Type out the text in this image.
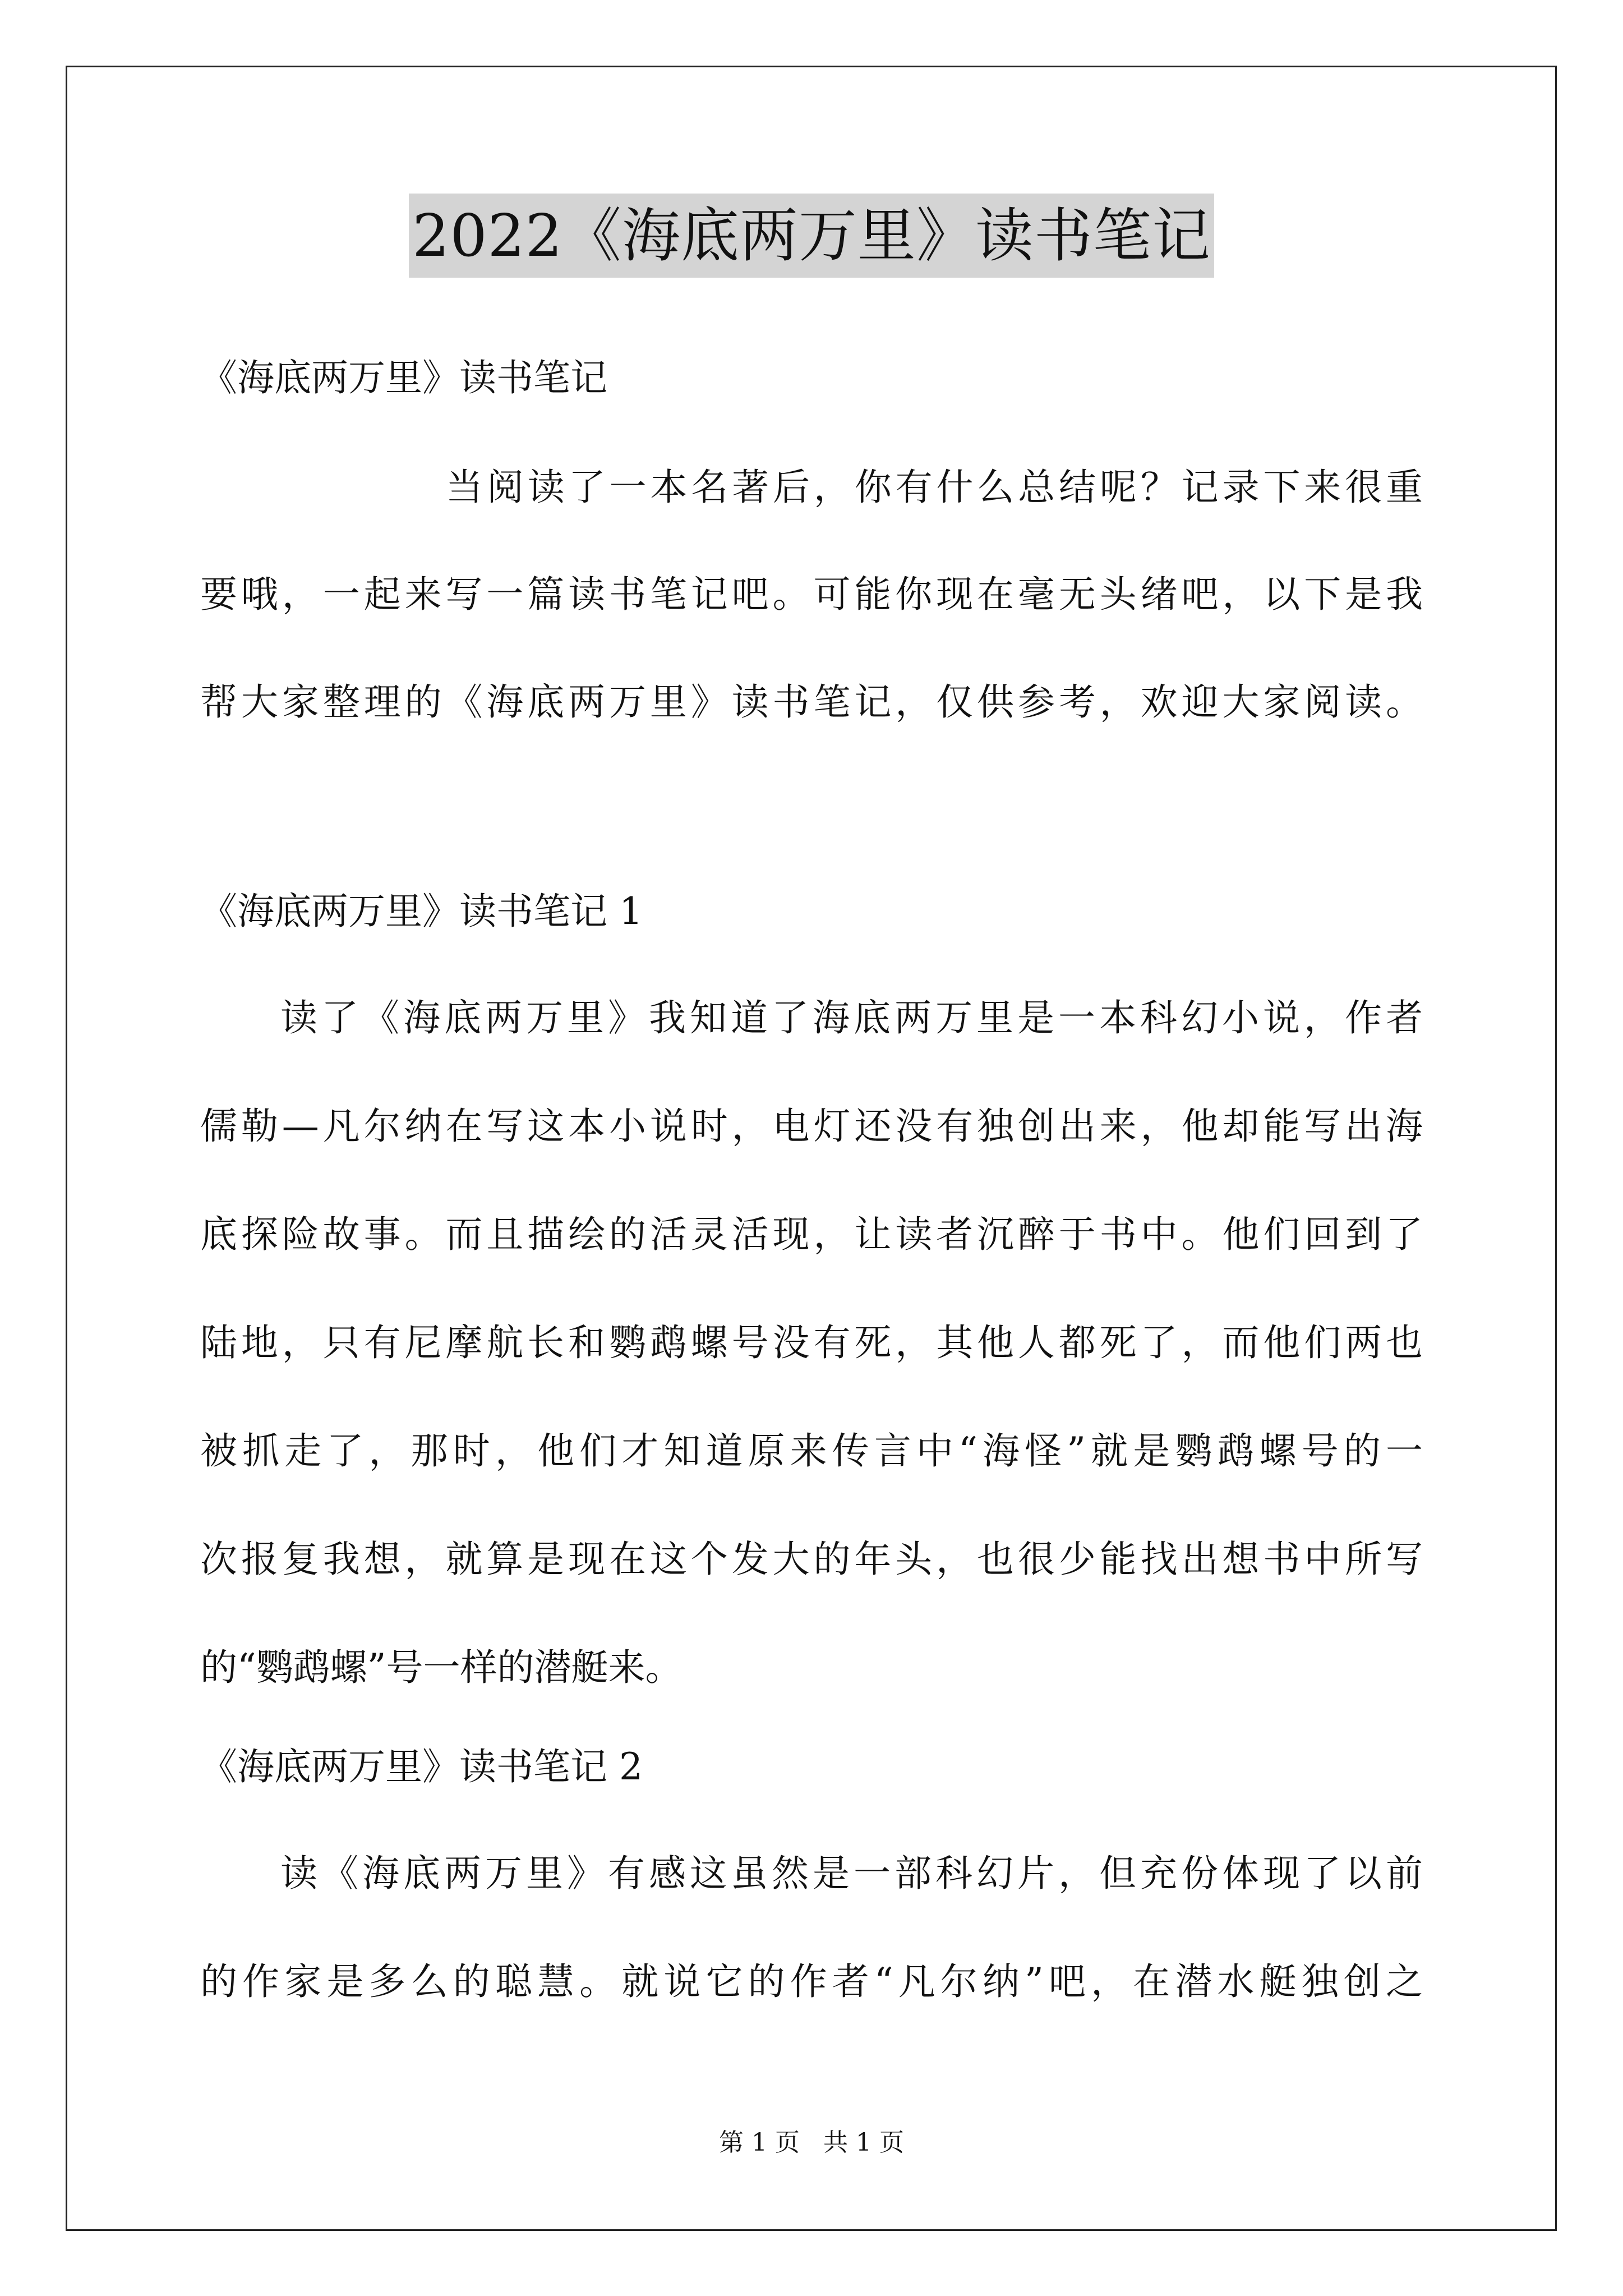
2022《海底两万里》读书笔记
《海底两万里》读书笔记
当阅读了一本名著后，你有什么总结呢？记录下来很重
要哦，一起来写一篇读书笔记吧。可能你现在毫无头绪吧，以下是我
帮大家整理的《海底两万里》读书笔记，仅供参考，欢迎大家阅读。
《海底两万里》读书笔记 1
读了《海底两万里》我知道了海底两万里是一本科幻小说，作者
儒勒—凡尔纳在写这本小说时，电灯还没有独创出来，他却能写出海
底探险故事。而且描绘的活灵活现，让读者沉醉于书中。他们回到了
陆地，只有尼摩航长和鹦鹉螺号没有死，其他人都死了，而他们两也
被抓走了，那时，他们才知道原来传言中“海怪”就是鹦鹉螺号的一
次报复我想，就算是现在这个发大的年头，也很少能找出想书中所写
的“鹦鹉螺”号一样的潜艇来。
《海底两万里》读书笔记 2
读《海底两万里》有感这虽然是一部科幻片，但充份体现了以前
的作家是多么的聪慧。就说它的作者“凡尔纳”吧，在潜水艇独创之
第 1 页   共 1 页
